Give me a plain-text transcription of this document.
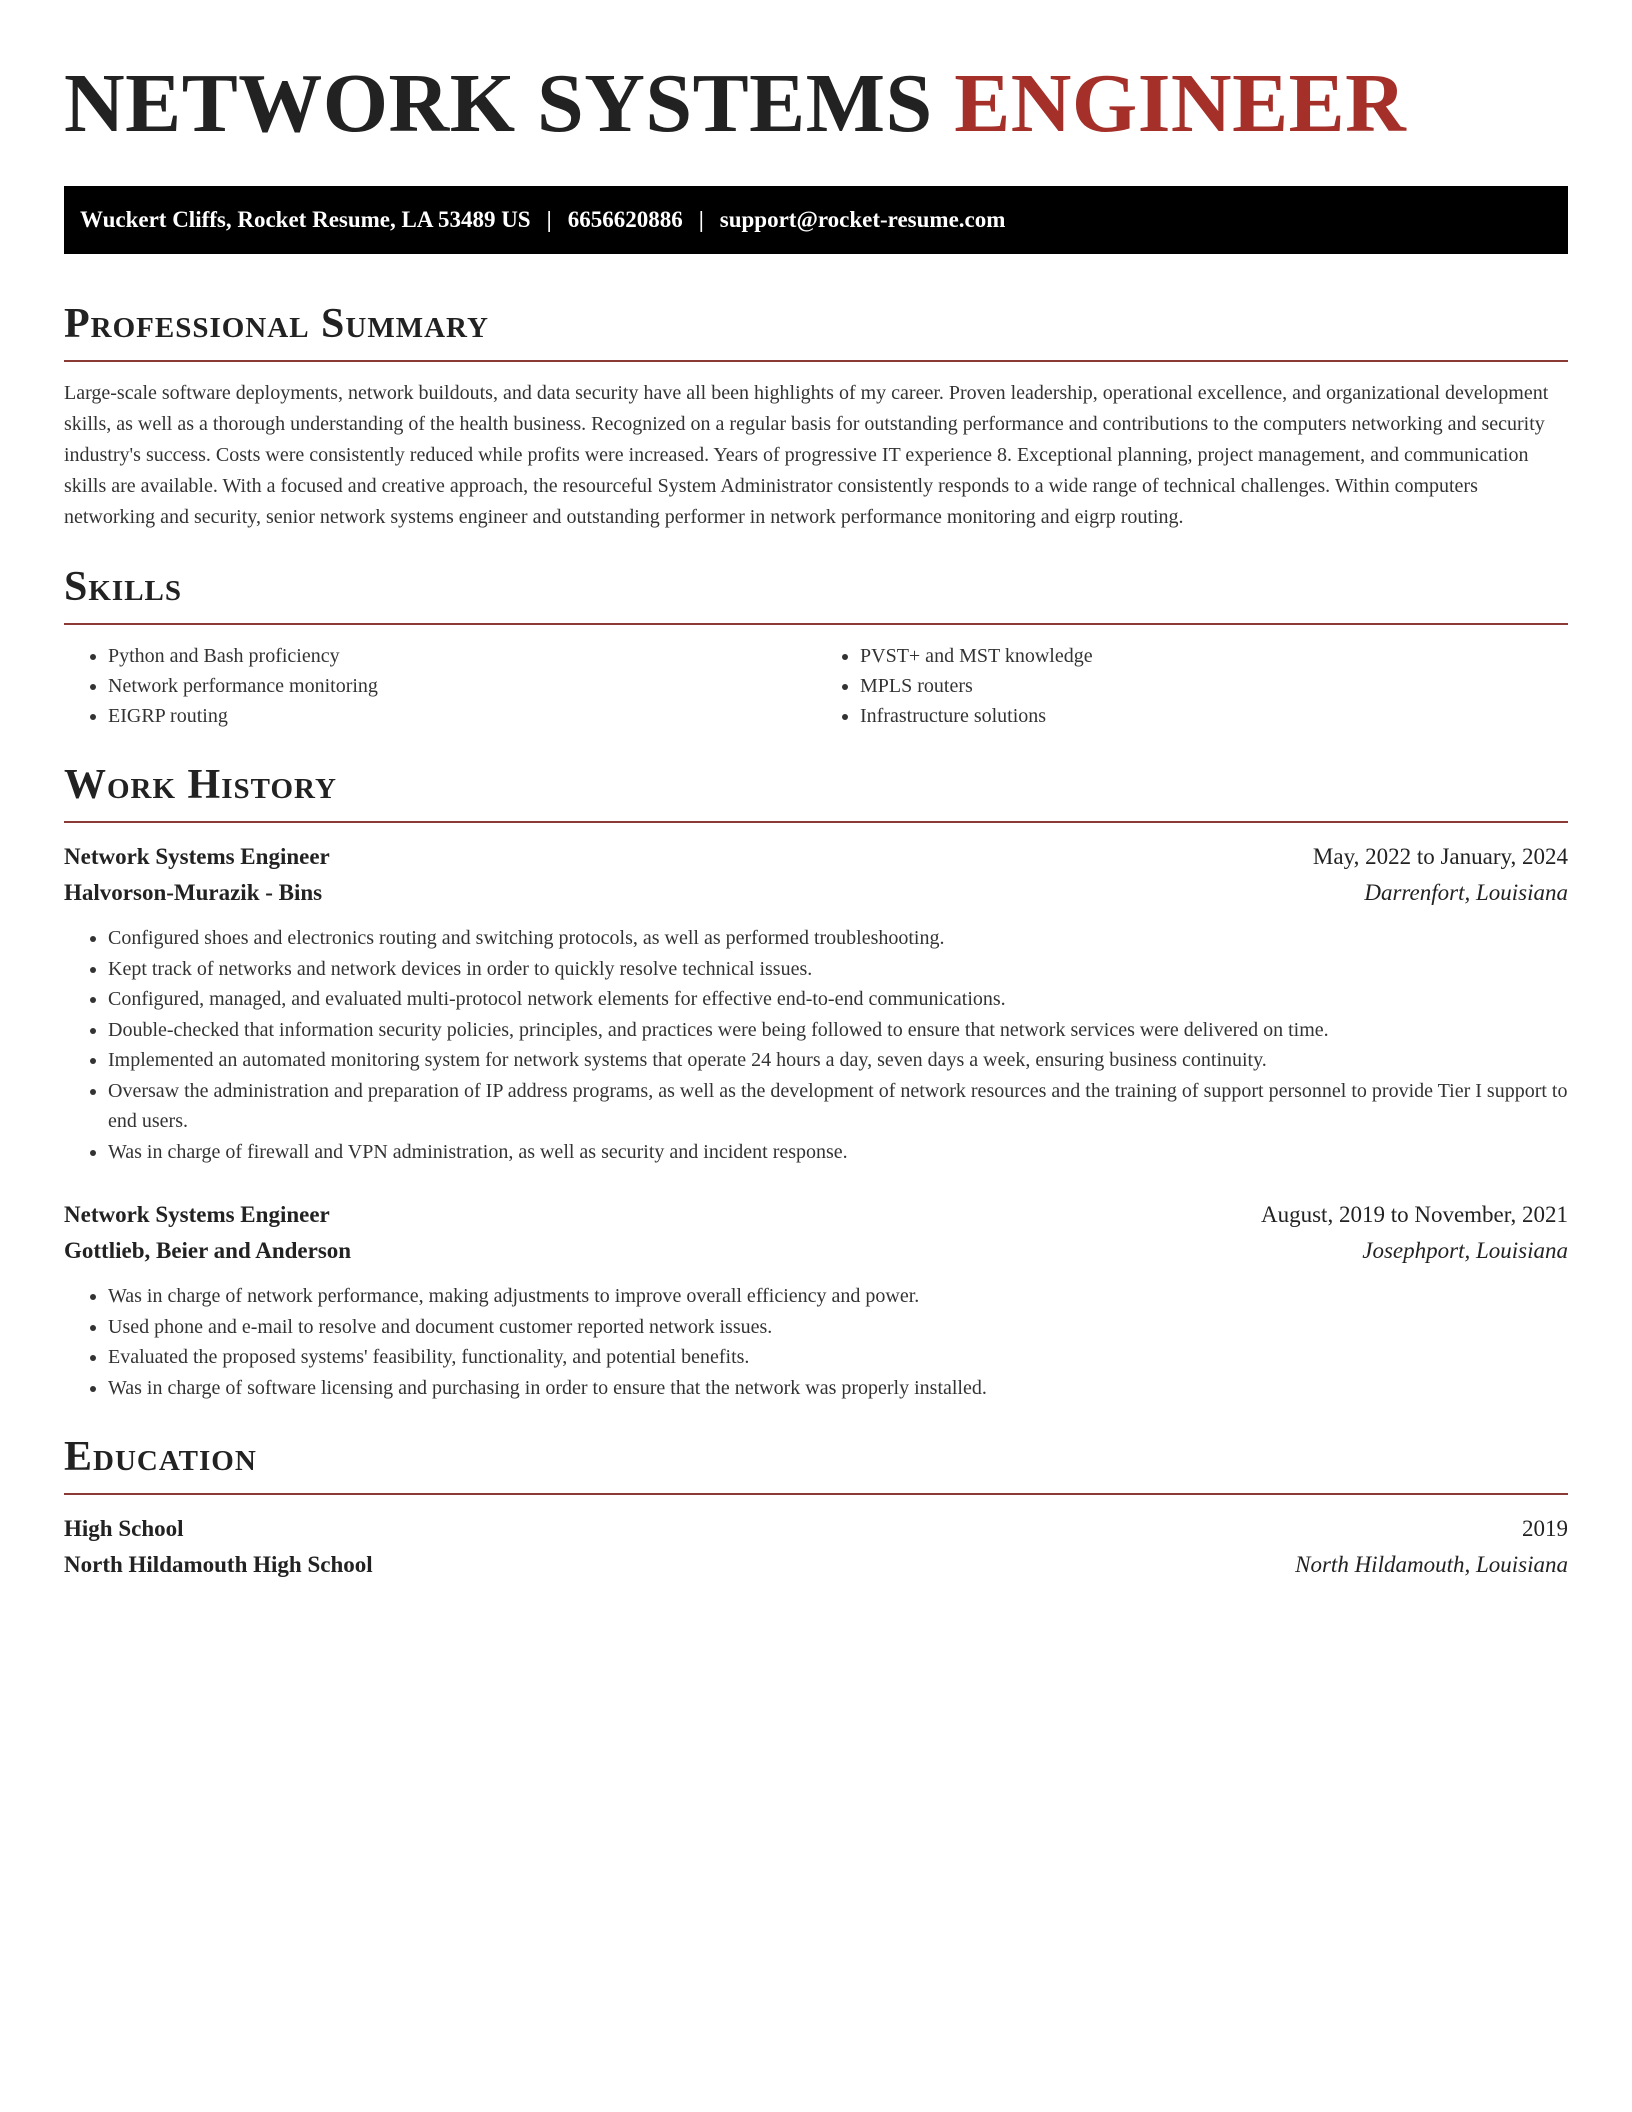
NETWORK SYSTEMS ENGINEER
Wuckert Cliffs, Rocket Resume, LA 53489 US | 6656620886 | support@rocket-resume.com
Professional Summary

Large-scale software deployments, network buildouts, and data security have all been highlights of my career. Proven leadership, operational excellence, and organizational development skills, as well as a thorough understanding of the health business. Recognized on a regular basis for outstanding performance and contributions to the computers networking and security industry's success. Costs were consistently reduced while profits were increased. Years of progressive IT experience 8. Exceptional planning, project management, and communication skills are available. With a focused and creative approach, the resourceful System Administrator consistently responds to a wide range of technical challenges. Within computers networking and security, senior network systems engineer and outstanding performer in network performance monitoring and eigrp routing.

Skills
• Python and Bash proficiency
• Network performance monitoring
• EIGRP routing
• PVST+ and MST knowledge
• MPLS routers
• Infrastructure solutions
Work History
Network Systems Engineer	May, 2022 to January, 2024
Halvorson-Murazik - Bins	Darrenfort, Louisiana
• Configured shoes and electronics routing and switching protocols, as well as performed troubleshooting.
• Kept track of networks and network devices in order to quickly resolve technical issues.
• Configured, managed, and evaluated multi-protocol network elements for effective end-to-end communications.
• Double-checked that information security policies, principles, and practices were being followed to ensure that network services were delivered on time.
• Implemented an automated monitoring system for network systems that operate 24 hours a day, seven days a week, ensuring business continuity.
• Oversaw the administration and preparation of IP address programs, as well as the development of network resources and the training of support personnel to provide Tier I support to end users.
• Was in charge of firewall and VPN administration, as well as security and incident response.
Network Systems Engineer	August, 2019 to November, 2021
Gottlieb, Beier and Anderson	Josephport, Louisiana
• Was in charge of network performance, making adjustments to improve overall efficiency and power.
• Used phone and e-mail to resolve and document customer reported network issues.
• Evaluated the proposed systems' feasibility, functionality, and potential benefits.
• Was in charge of software licensing and purchasing in order to ensure that the network was properly installed.
Education
High School	2019
North Hildamouth High School	North Hildamouth, Louisiana
